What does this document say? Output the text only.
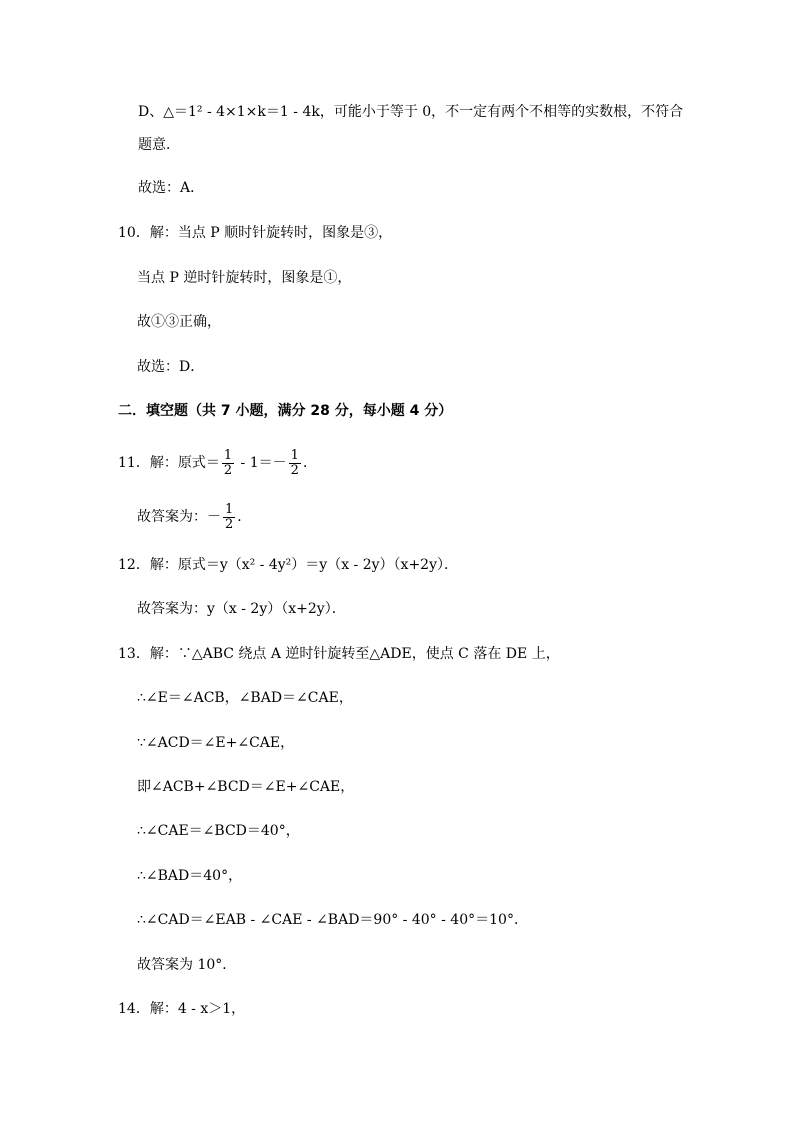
D、△＝1² - 4×1×k＝1 - 4k，可能小于等于 0，不一定有两个不相等的实数根，不符合
题意．
故选：A．
10．解：当点 P 顺时针旋转时，图象是③，
当点 P 逆时针旋转时，图象是①，
故①③正确，
故选：D．
二．填空题（共 7 小题，满分 28 分，每小题 4 分）
11．解：原式＝ $\frac{1}{2} - 1=- \frac{1}{2}$ ．
故答案为：－ $\frac{1}{2}$ ．
12．解：原式＝y（x² - 4y²）＝y（x - 2y）（x+2y）．
故答案为：y（x - 2y）（x+2y）．
13．解：∵△ABC 绕点 A 逆时针旋转至△ADE，使点 C 落在 DE 上，
∴∠E＝∠ACB，∠BAD＝∠CAE，
∵∠ACD＝∠E+∠CAE，
即∠ACB+∠BCD＝∠E+∠CAE，
∴∠CAE＝∠BCD＝40°，
∴∠BAD＝40°，
∴∠CAD＝∠EAB - ∠CAE - ∠BAD＝90° - 40° - 40°＝10°．
故答案为 10°．
14．解：4 - x＞1，
